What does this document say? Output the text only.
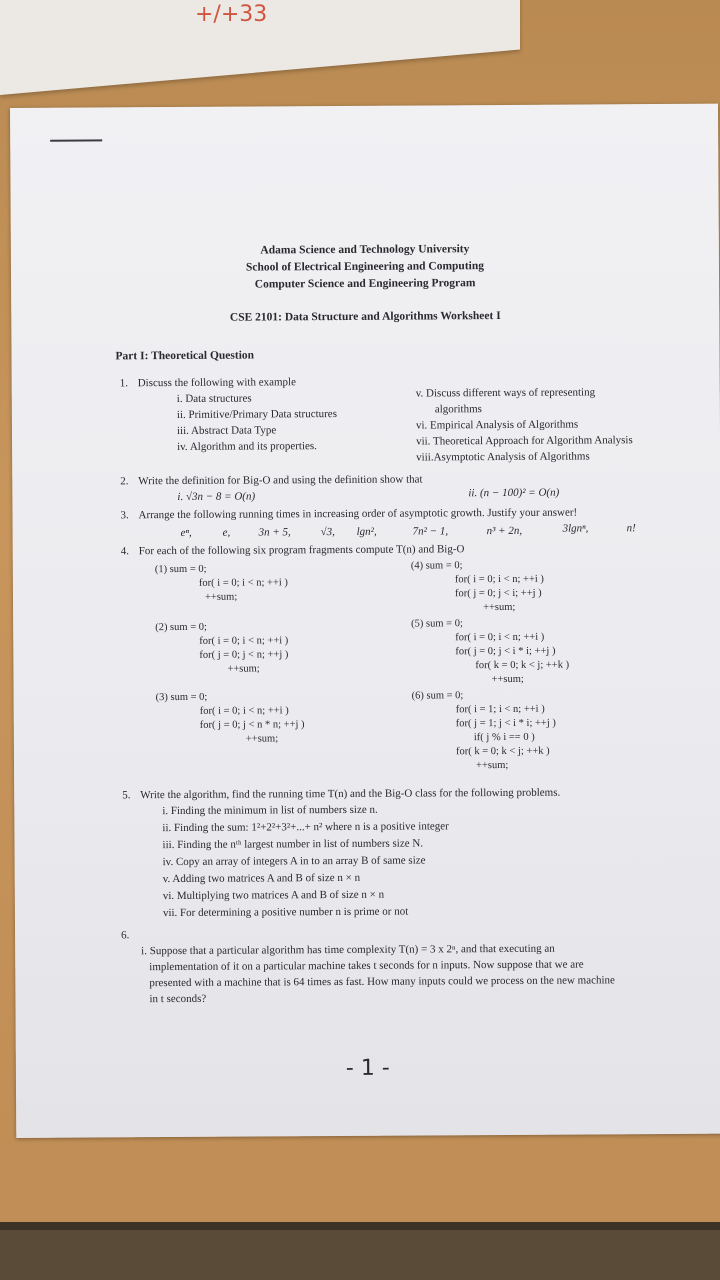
+/+33
Adama Science and Technology University
School of Electrical Engineering and Computing
Computer Science and Engineering Program
CSE 2101: Data Structure and Algorithms Worksheet I
Part I: Theoretical Question
1. Discuss the following with example
i. Data structures
ii. Primitive/Primary Data structures
iii. Abstract Data Type
iv. Algorithm and its properties.
v. Discuss different ways of representing
algorithms
vi. Empirical Analysis of Algorithms
vii. Theoretical Approach for Algorithm Analysis
viii.Asymptotic Analysis of Algorithms
2. Write the definition for Big-O and using the definition show that
i. √3n − 8 = O(n)	ii. (n − 100)² = O(n)
3. Arrange the following running times in increasing order of asymptotic growth. Justify your answer!
eⁿ,	e,	3n + 5,	√3, lgn²,	7n² − 1,	n³ + 2n,	3lgnⁿ,	n!
4. For each of the following six program fragments compute T(n) and Big-O
(1) sum = 0;
for( i = 0; i < n; ++i )
++sum;
(2) sum = 0;
for( i = 0; i < n; ++i )
for( j = 0; j < n; ++j )
++sum;
(3) sum = 0;
for( i = 0; i < n; ++i )
for( j = 0; j < n * n; ++j )
++sum;
(4) sum = 0;
for( i = 0; i < n; ++i )
for( j = 0; j < i; ++j )
++sum;
(5) sum = 0;
for( i = 0; i < n; ++i )
for( j = 0; j < i * i; ++j )
for( k = 0; k < j; ++k )
++sum;
(6) sum = 0;
for( i = 1; i < n; ++i )
for( j = 1; j < i * i; ++j )
if( j % i == 0 )
for( k = 0; k < j; ++k )
++sum;
5. Write the algorithm, find the running time T(n) and the Big-O class for the following problems.
i. Finding the minimum in list of numbers size n.
ii. Finding the sum: 1²+2²+3²+...+ n² where n is a positive integer
iii. Finding the nᵗʰ largest number in list of numbers size N.
iv. Copy an array of integers A in to an array B of same size
v. Adding two matrices A and B of size n × n
vi. Multiplying two matrices A and B of size n × n
vii. For determining a positive number n is prime or not
6.
i. Suppose that a particular algorithm has time complexity T(n) = 3 x 2ⁿ, and that executing an
implementation of it on a particular machine takes t seconds for n inputs. Now suppose that we are
presented with a machine that is 64 times as fast. How many inputs could we process on the new machine
in t seconds?
- 1 -
